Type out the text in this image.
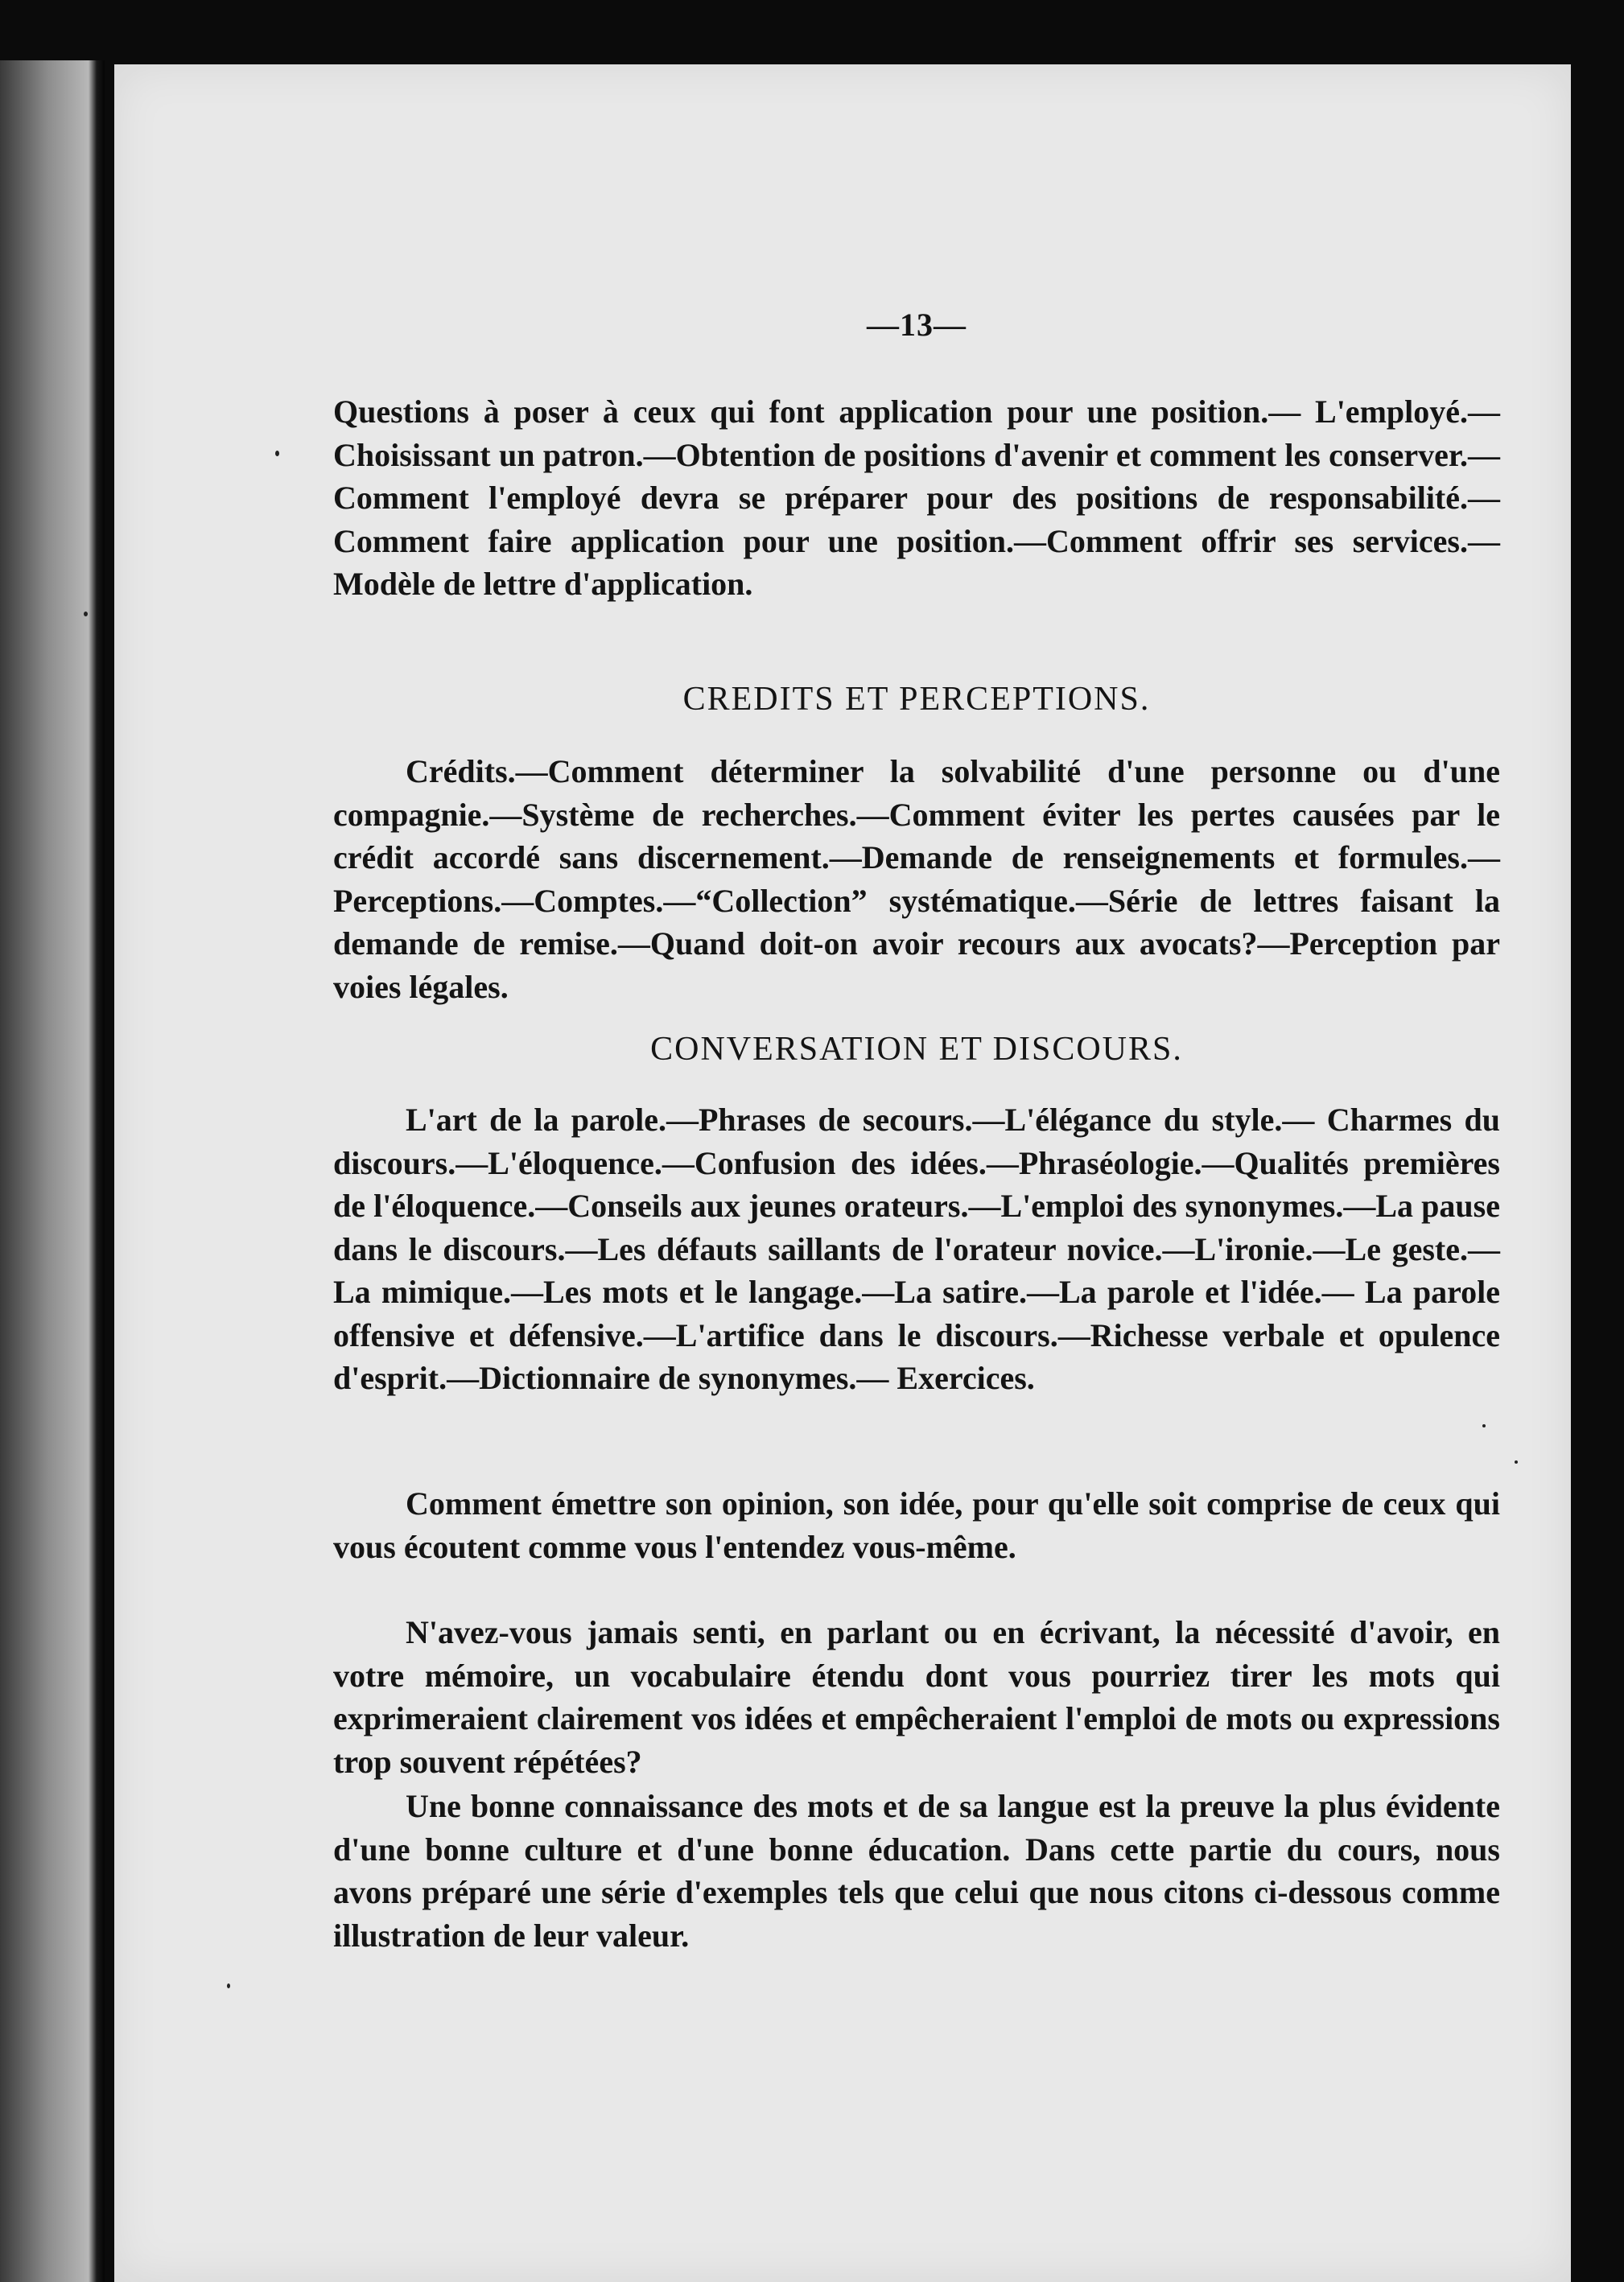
—13—

Questions à poser à ceux qui font application pour une position.— L'employé.—Choisissant un patron.—Obtention de positions d'avenir et comment les conserver.—Comment l'employé devra se préparer pour des positions de responsabilité.—Comment faire application pour une position.—Comment offrir ses services.—Modèle de lettre d'application.

CREDITS ET PERCEPTIONS.

Crédits.—Comment déterminer la solvabilité d'une personne ou d'une compagnie.—Système de recherches.—Comment éviter les pertes causées par le crédit accordé sans discernement.—Demande de renseignements et formules.—Perceptions.—Comptes.—“Collection” systématique.—Série de lettres faisant la demande de remise.—Quand doit-on avoir recours aux avocats?—Perception par voies légales.

CONVERSATION ET DISCOURS.

L'art de la parole.—Phrases de secours.—L'élégance du style.— Charmes du discours.—L'éloquence.—Confusion des idées.—Phraséologie.—Qualités premières de l'éloquence.—Conseils aux jeunes orateurs.—L'emploi des synonymes.—La pause dans le discours.—Les défauts saillants de l'orateur novice.—L'ironie.—Le geste.—La mimique.—Les mots et le langage.—La satire.—La parole et l'idée.— La parole offensive et défensive.—L'artifice dans le discours.—Richesse verbale et opulence d'esprit.—Dictionnaire de synonymes.— Exercices.

Comment émettre son opinion, son idée, pour qu'elle soit comprise de ceux qui vous écoutent comme vous l'entendez vous-même.

N'avez-vous jamais senti, en parlant ou en écrivant, la nécessité d'avoir, en votre mémoire, un vocabulaire étendu dont vous pourriez tirer les mots qui exprimeraient clairement vos idées et empêcheraient l'emploi de mots ou expressions trop souvent répétées?

Une bonne connaissance des mots et de sa langue est la preuve la plus évidente d'une bonne culture et d'une bonne éducation. Dans cette partie du cours, nous avons préparé une série d'exemples tels que celui que nous citons ci-dessous comme illustration de leur valeur.
